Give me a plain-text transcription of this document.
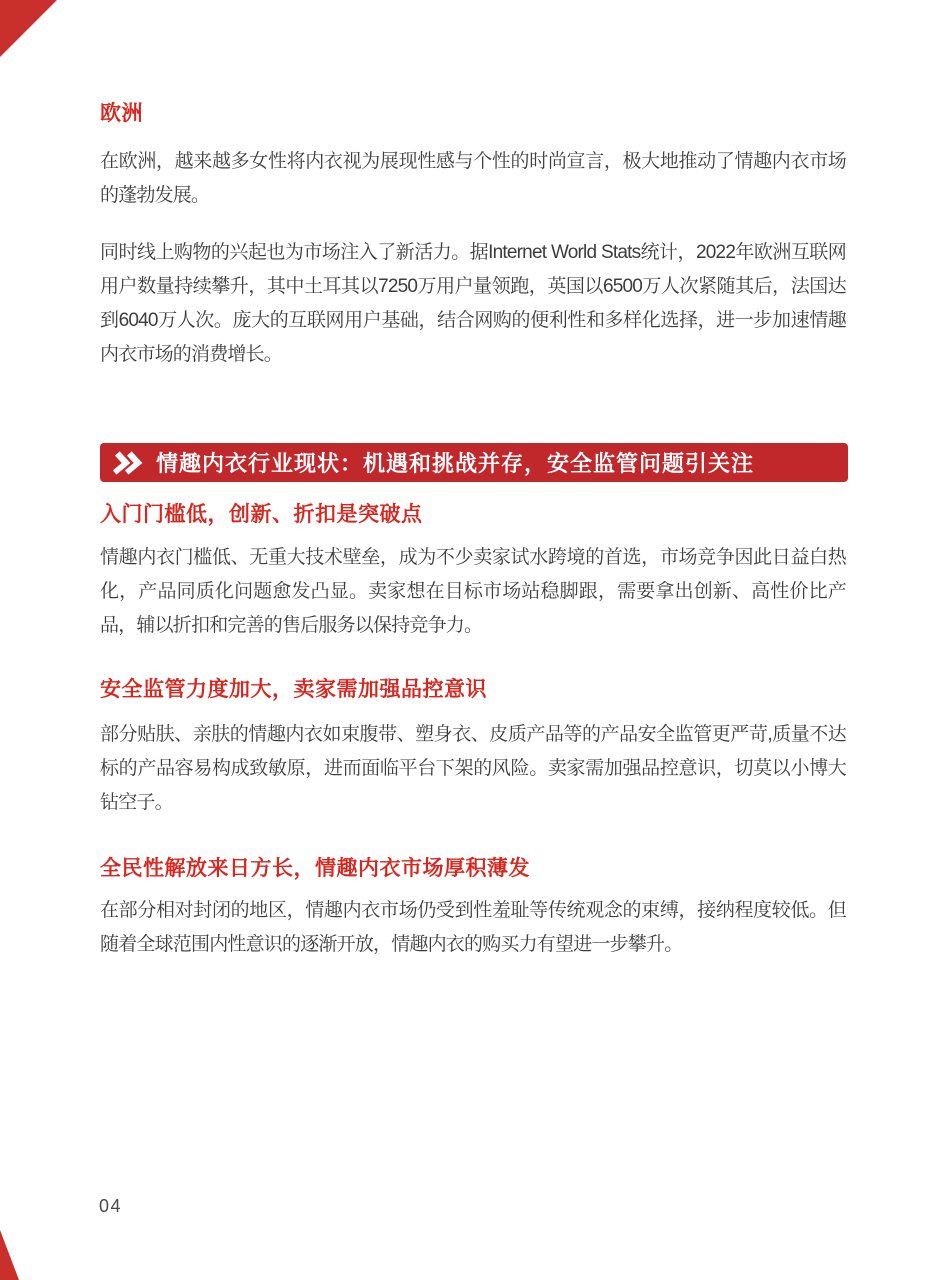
欧洲

在欧洲，越来越多女性将内衣视为展现性感与个性的时尚宣言，极大地推动了情趣内衣市场的蓬勃发展。

同时线上购物的兴起也为市场注入了新活力。据Internet World Stats统计，2022年欧洲互联网用户数量持续攀升，其中土耳其以7250万用户量领跑，英国以6500万人次紧随其后，法国达到6040万人次。庞大的互联网用户基础，结合网购的便利性和多样化选择，进一步加速情趣内衣市场的消费增长。

情趣内衣行业现状：机遇和挑战并存，安全监管问题引关注
入门门槛低，创新、折扣是突破点

情趣内衣门槛低、无重大技术壁垒，成为不少卖家试水跨境的首选，市场竞争因此日益白热化，产品同质化问题愈发凸显。卖家想在目标市场站稳脚跟，需要拿出创新、高性价比产品，辅以折扣和完善的售后服务以保持竞争力。

安全监管力度加大，卖家需加强品控意识

部分贴肤、亲肤的情趣内衣如束腹带、塑身衣、皮质产品等的产品安全监管更严苛,质量不达标的产品容易构成致敏原，进而面临平台下架的风险。卖家需加强品控意识，切莫以小博大钻空子。

全民性解放来日方长，情趣内衣市场厚积薄发

在部分相对封闭的地区，情趣内衣市场仍受到性羞耻等传统观念的束缚，接纳程度较低。但随着全球范围内性意识的逐渐开放，情趣内衣的购买力有望进一步攀升。

04
